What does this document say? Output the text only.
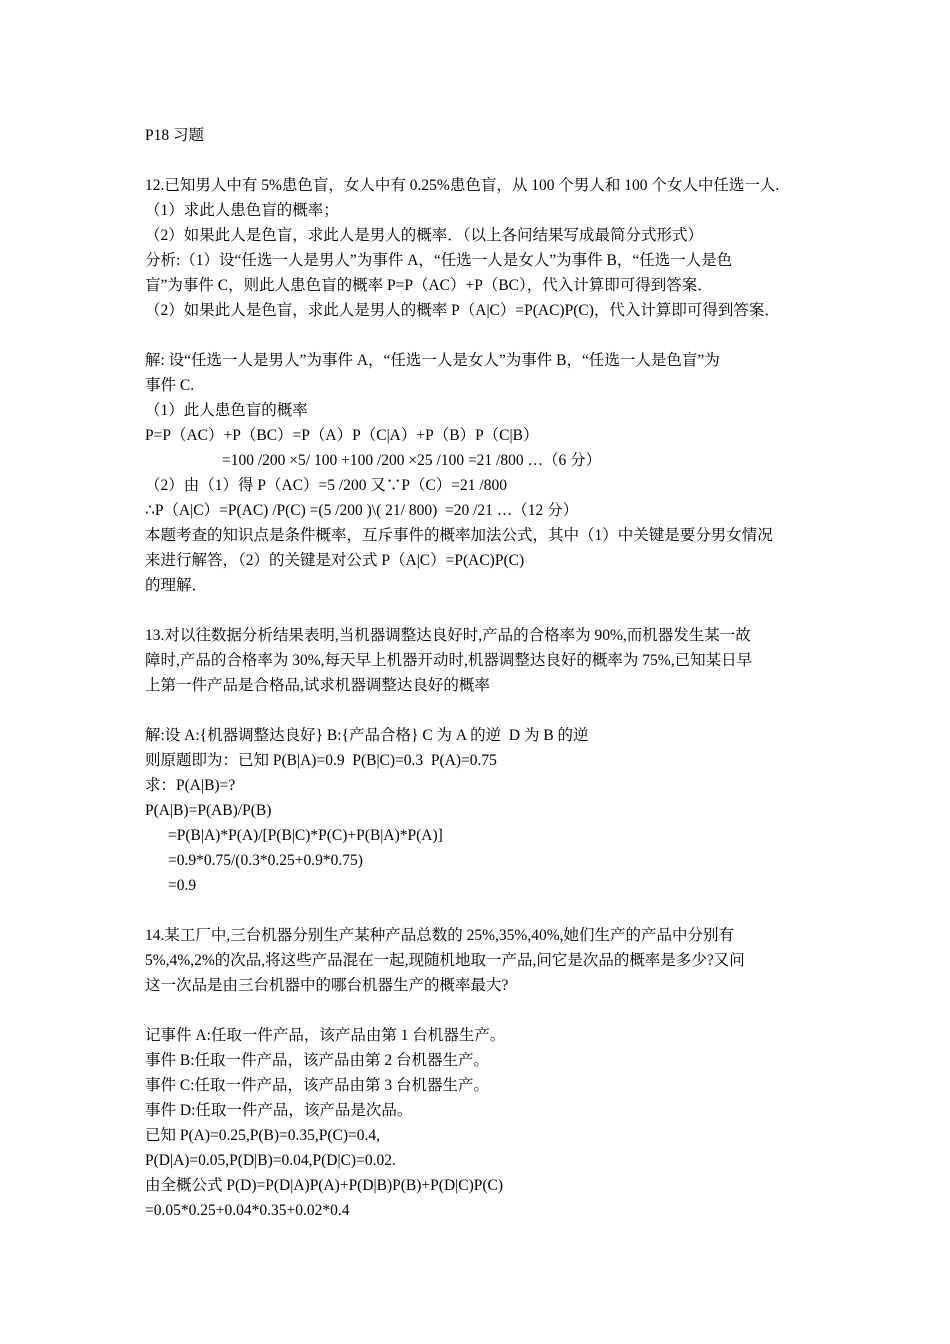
P18 习题
12.已知男人中有 5%患色盲，女人中有 0.25%患色盲，从 100 个男人和 100 个女人中任选一人.
（1）求此人患色盲的概率；
（2）如果此人是色盲，求此人是男人的概率．（以上各问结果写成最简分式形式）
分析:（1）设“任选一人是男人”为事件 A，“任选一人是女人”为事件 B，“任选一人是色
盲”为事件 C，则此人患色盲的概率 P=P（AC）+P（BC），代入计算即可得到答案．
（2）如果此人是色盲，求此人是男人的概率 P（A|C）=P(AC)P(C)，代入计算即可得到答案．
解: 设“任选一人是男人”为事件 A，“任选一人是女人”为事件 B，“任选一人是色盲”为
事件 C.
（1）此人患色盲的概率
P=P（AC）+P（BC）=P（A）P（C|A）+P（B）P（C|B）
=100 /200 ×5/ 100 +100 /200 ×25 /100 =21 /800 …（6 分）
（2）由（1）得 P（AC）=5 /200 又∵P（C）=21 /800
∴P（A|C）=P(AC) /P(C) =(5 /200 )\( 21/ 800)  =20 /21 …（12 分）
本题考查的知识点是条件概率，互斥事件的概率加法公式，其中（1）中关键是要分男女情况
来进行解答，（2）的关键是对公式 P（A|C）=P(AC)P(C)
的理解．
13.对以往数据分析结果表明,当机器调整达良好时,产品的合格率为 90%,而机器发生某一故
障时,产品的合格率为 30%,每天早上机器开动时,机器调整达良好的概率为 75%,已知某日早
上第一件产品是合格品,试求机器调整达良好的概率
解:设 A:{机器调整达良好} B:{产品合格} C 为 A 的逆  D 为 B 的逆
则原题即为：已知 P(B|A)=0.9  P(B|C)=0.3  P(A)=0.75
求：P(A|B)=?
P(A|B)=P(AB)/P(B)
=P(B|A)*P(A)/[P(B|C)*P(C)+P(B|A)*P(A)]
=0.9*0.75/(0.3*0.25+0.9*0.75)
=0.9
14.某工厂中,三台机器分别生产某种产品总数的 25%,35%,40%,她们生产的产品中分别有
5%,4%,2%的次品,将这些产品混在一起,现随机地取一产品,问它是次品的概率是多少?又问
这一次品是由三台机器中的哪台机器生产的概率最大?
记事件 A:任取一件产品，该产品由第 1 台机器生产。
事件 B:任取一件产品，该产品由第 2 台机器生产。
事件 C:任取一件产品，该产品由第 3 台机器生产。
事件 D:任取一件产品，该产品是次品。
已知 P(A)=0.25,P(B)=0.35,P(C)=0.4,
P(D|A)=0.05,P(D|B)=0.04,P(D|C)=0.02.
由全概公式 P(D)=P(D|A)P(A)+P(D|B)P(B)+P(D|C)P(C)
=0.05*0.25+0.04*0.35+0.02*0.4
